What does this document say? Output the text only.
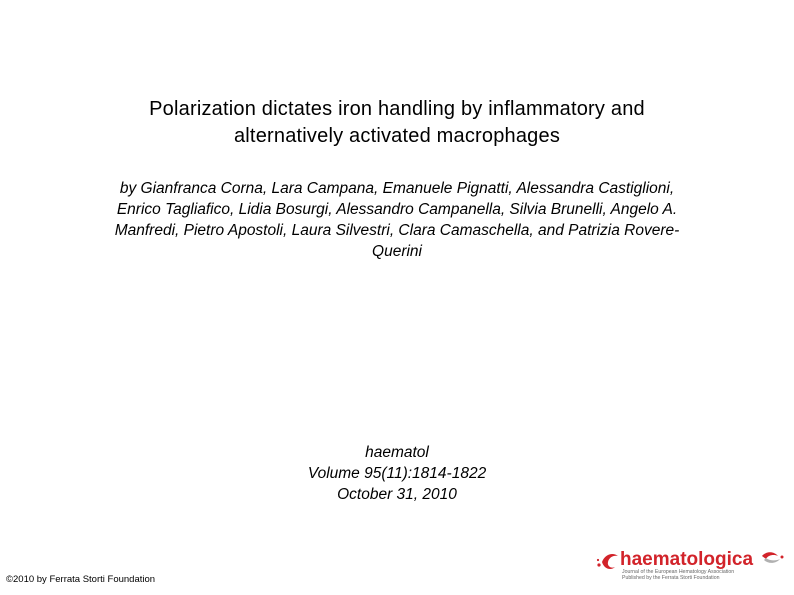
Polarization dictates iron handling by inflammatory and
alternatively activated macrophages
by Gianfranca Corna, Lara Campana, Emanuele Pignatti, Alessandra Castiglioni,
Enrico Tagliafico, Lidia Bosurgi, Alessandro Campanella, Silvia Brunelli, Angelo A.
Manfredi, Pietro Apostoli, Laura Silvestri, Clara Camaschella, and Patrizia Rovere-
Querini
haematol
Volume 95(11):1814-1822
October 31, 2010
©2010 by Ferrata Storti Foundation
haematologica
Journal of the European Hematology Association
Published by the Ferrata Storti Foundation
